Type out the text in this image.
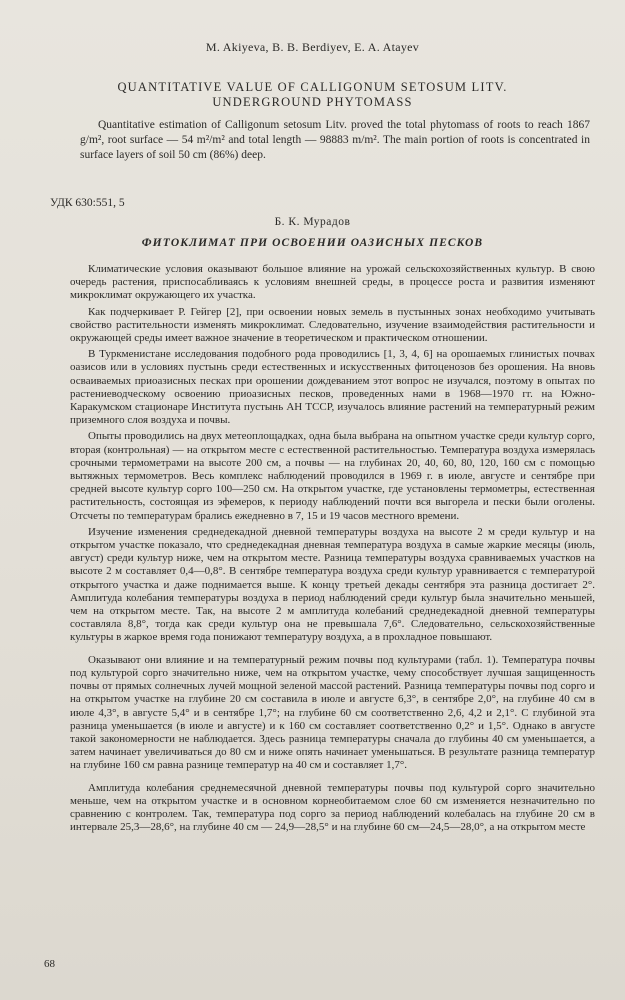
M. Akiyeva, B. B. Berdiyev, E. A. Atayev
QUANTITATIVE VALUE OF CALLIGONUM SETOSUM LITV.
UNDERGROUND PHYTOMASS
Quantitative estimation of Calligonum setosum Litv. proved the total phytomass of roots to reach 1867 g/m², root surface — 54 m²/m² and total length — 98883 m/m². The main portion of roots is concentrated in surface layers of soil 50 cm (86%) deep.
УДК 630:551, 5
Б. К. Мурадов
ФИТОКЛИМАТ ПРИ ОСВОЕНИИ ОАЗИСНЫХ ПЕСКОВ

Климатические условия оказывают большое влияние на урожай сельскохозяйственных культур. В свою очередь растения, приспосабливаясь к условиям внешней среды, в процессе роста и развития изменяют микроклимат окружающего их участка.

Как подчеркивает Р. Гейгер [2], при освоении новых земель в пустынных зонах необходимо учитывать свойство растительности изменять микроклимат. Следовательно, изучение взаимодействия растительности и окружающей среды имеет важное значение в теоретическом и практическом отношении.

В Туркменистане исследования подобного рода проводились [1, 3, 4, 6] на орошаемых глинистых почвах оазисов или в условиях пустынь среди естественных и искусственных фитоценозов без орошения. На вновь осваиваемых приоазисных песках при орошении дождеванием этот вопрос не изучался, поэтому в опытах по растениеводческому освоению приоазисных песков, проведенных нами в 1968—1970 гг. на Южно-Каракумском стационаре Института пустынь АН ТССР, изучалось влияние растений на температурный режим приземного слоя воздуха и почвы.

Опыты проводились на двух метеоплощадках, одна была выбрана на опытном участке среди культур сорго, вторая (контрольная) — на открытом месте с естественной растительностью. Температура воздуха измерялась срочными термометрами на высоте 200 см, а почвы — на глубинах 20, 40, 60, 80, 120, 160 см с помощью вытяжных термометров. Весь комплекс наблюдений проводился в 1969 г. в июле, августе и сентябре при средней высоте культур сорго 100—250 см. На открытом участке, где установлены термометры, естественная растительность, состоящая из эфемеров, к периоду наблюдений почти вся выгорела и пески были оголены. Отсчеты по температурам брались ежедневно в 7, 15 и 19 часов местного времени.

Изучение изменения среднедекадной дневной температуры воздуха на высоте 2 м среди культур и на открытом участке показало, что среднедекадная дневная температура воздуха в самые жаркие месяцы (июль, август) среди культур ниже, чем на открытом месте. Разница температуры воздуха сравниваемых участков на высоте 2 м составляет 0,4—0,8°. В сентябре температура воздуха среди культур уравнивается с температурой открытого участка и даже поднимается выше. К концу третьей декады сентября эта разница достигает 2°. Амплитуда колебания температуры воздуха в период наблюдений среди культур была значительно меньшей, чем на открытом месте. Так, на высоте 2 м амплитуда колебаний среднедекадной дневной температуры составляла 8,8°, тогда как среди культур она не превышала 7,6°. Следовательно, сельскохозяйственные культуры в жаркое время года понижают температуру воздуха, а в прохладное повышают.

Оказывают они влияние и на температурный режим почвы под культурами (табл. 1). Температура почвы под культурой сорго значительно ниже, чем на открытом участке, чему способствует лучшая защищенность почвы от прямых солнечных лучей мощной зеленой массой растений. Разница температуры почвы под сорго и на открытом участке на глубине 20 см составила в июле и августе 6,3°, в сентябре 2,0°, на глубине 40 см в июле 4,3°, в августе 5,4° и в сентябре 1,7°; на глубине 60 см соответственно 2,6, 4,2 и 2,1°. С глубиной эта разница уменьшается (в июле и августе) и к 160 см составляет соответственно 0,2° и 1,5°. Однако в августе такой закономерности не наблюдается. Здесь разница температуры сначала до глубины 40 см уменьшается, а затем начинает увеличиваться до 80 см и ниже опять начинает уменьшаться. В результате разница температур на глубине 160 см равна разнице температур на 40 см и составляет 1,7°.

Амплитуда колебания среднемесячной дневной температуры почвы под культурой сорго значительно меньше, чем на открытом участке и в основном корнеобитаемом слое 60 см изменяется незначительно по сравнению с контролем. Так, температура под сорго за период наблюдений колебалась на глубине 20 см в интервале 25,3—28,6°, на глубине 40 см — 24,9—28,5° и на глубине 60 см—24,5—28,0°, а на открытом месте

68
